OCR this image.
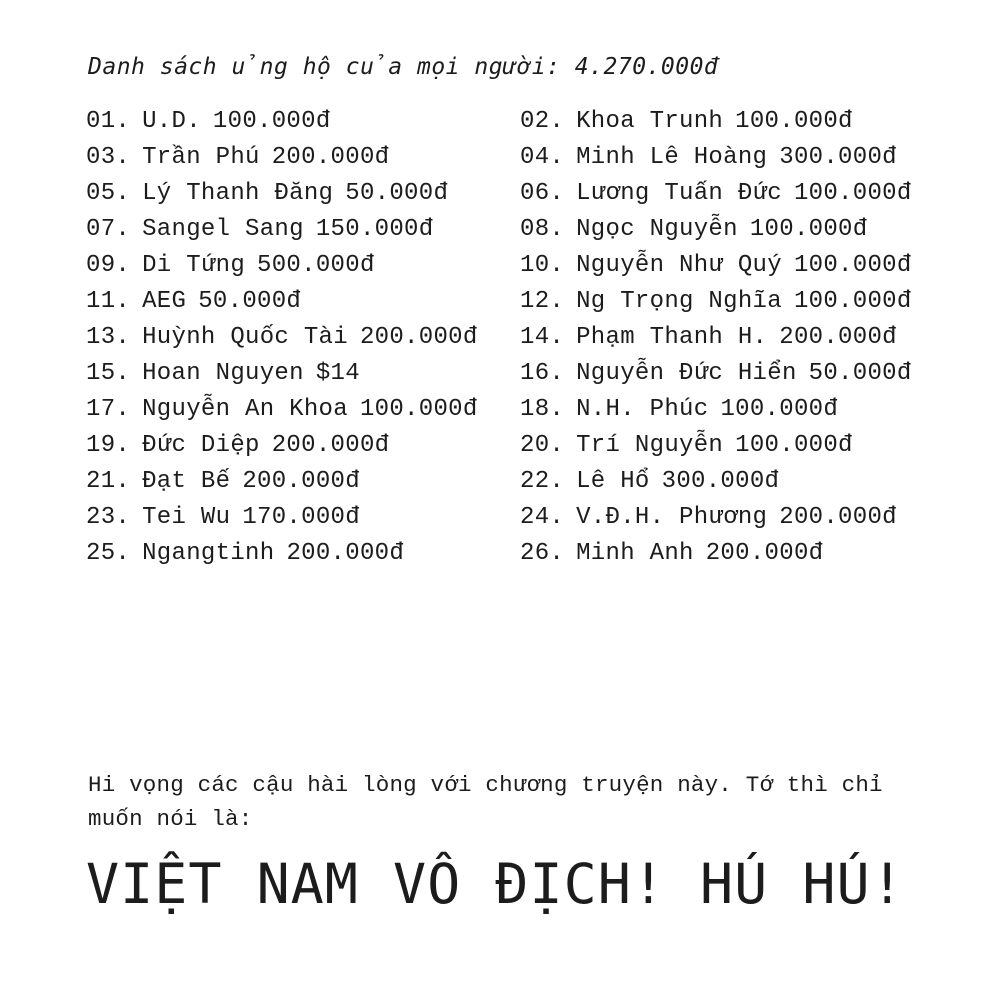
Danh sách ủng hộ của mọi người: 4.270.000đ
01. U.D. 100.000đ
03. Trần Phú 200.000đ
05. Lý Thanh Đăng 50.000đ
07. Sangel Sang 150.000đ
09. Di Tứng 500.000đ
11. AEG 50.000đ
13. Huỳnh Quốc Tài 200.000đ
15. Hoan Nguyen $14
17. Nguyễn An Khoa 100.000đ
19. Đức Diệp 200.000đ
21. Đạt Bế 200.000đ
23. Tei Wu 170.000đ
25. Ngangtinh 200.000đ
02. Khoa Trunh 100.000đ
04. Minh Lê Hoàng 300.000đ
06. Lương Tuấn Đức 100.000đ
08. Ngọc Nguyễn 100.000đ
10. Nguyễn Như Quý 100.000đ
12. Ng Trọng Nghĩa 100.000đ
14. Phạm Thanh H. 200.000đ
16. Nguyễn Đức Hiển 50.000đ
18. N.H. Phúc 100.000đ
20. Trí Nguyễn 100.000đ
22. Lê Hổ 300.000đ
24. V.Đ.H. Phương 200.000đ
26. Minh Anh 200.000đ

Hi vọng các cậu hài lòng với chương truyện này. Tớ thì chỉ muốn nói là:

VIỆT NAM VÔ ĐỊCH! HÚ HÚ!
